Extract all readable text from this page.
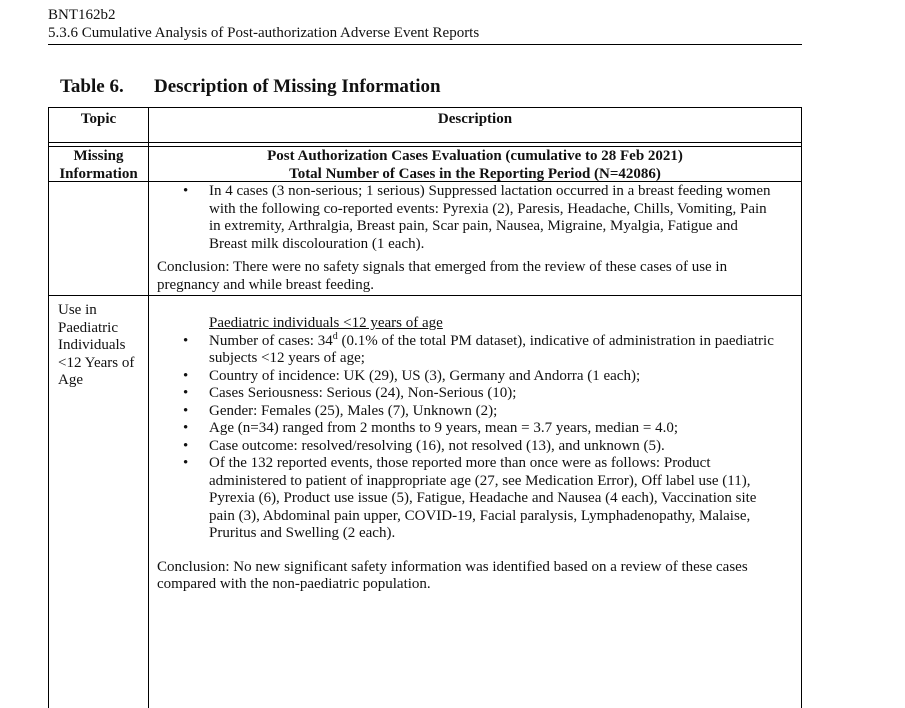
BNT162b2
5.3.6 Cumulative Analysis of Post-authorization Adverse Event Reports
Table 6. Description of Missing Information
Topic	Description
Missing
Information
Post Authorization Cases Evaluation (cumulative to 28 Feb 2021)
Total Number of Cases in the Reporting Period (N=42086)
• In 4 cases (3 non-serious; 1 serious) Suppressed lactation occurred in a breast feeding women
with the following co-reported events: Pyrexia (2), Paresis, Headache, Chills, Vomiting, Pain
in extremity, Arthralgia, Breast pain, Scar pain, Nausea, Migraine, Myalgia, Fatigue and
Breast milk discolouration (1 each).
Conclusion: There were no safety signals that emerged from the review of these cases of use in
pregnancy and while breast feeding.
Use in
Paediatric
Individuals
<12 Years of
Age
Paediatric individuals <12 years of age
• Number of cases: 34$^d$ (0.1% of the total PM dataset), indicative of administration in paediatric
subjects <12 years of age;
• Country of incidence: UK (29), US (3), Germany and Andorra (1 each);
• Cases Seriousness: Serious (24), Non-Serious (10);
• Gender: Females (25), Males (7), Unknown (2);
• Age (n=34) ranged from 2 months to 9 years, mean = 3.7 years, median = 4.0;
• Case outcome: resolved/resolving (16), not resolved (13), and unknown (5).
• Of the 132 reported events, those reported more than once were as follows: Product
administered to patient of inappropriate age (27, see Medication Error), Off label use (11),
Pyrexia (6), Product use issue (5), Fatigue, Headache and Nausea (4 each), Vaccination site
pain (3), Abdominal pain upper, COVID-19, Facial paralysis, Lymphadenopathy, Malaise,
Pruritus and Swelling (2 each).
Conclusion: No new significant safety information was identified based on a review of these cases
compared with the non-paediatric population.
